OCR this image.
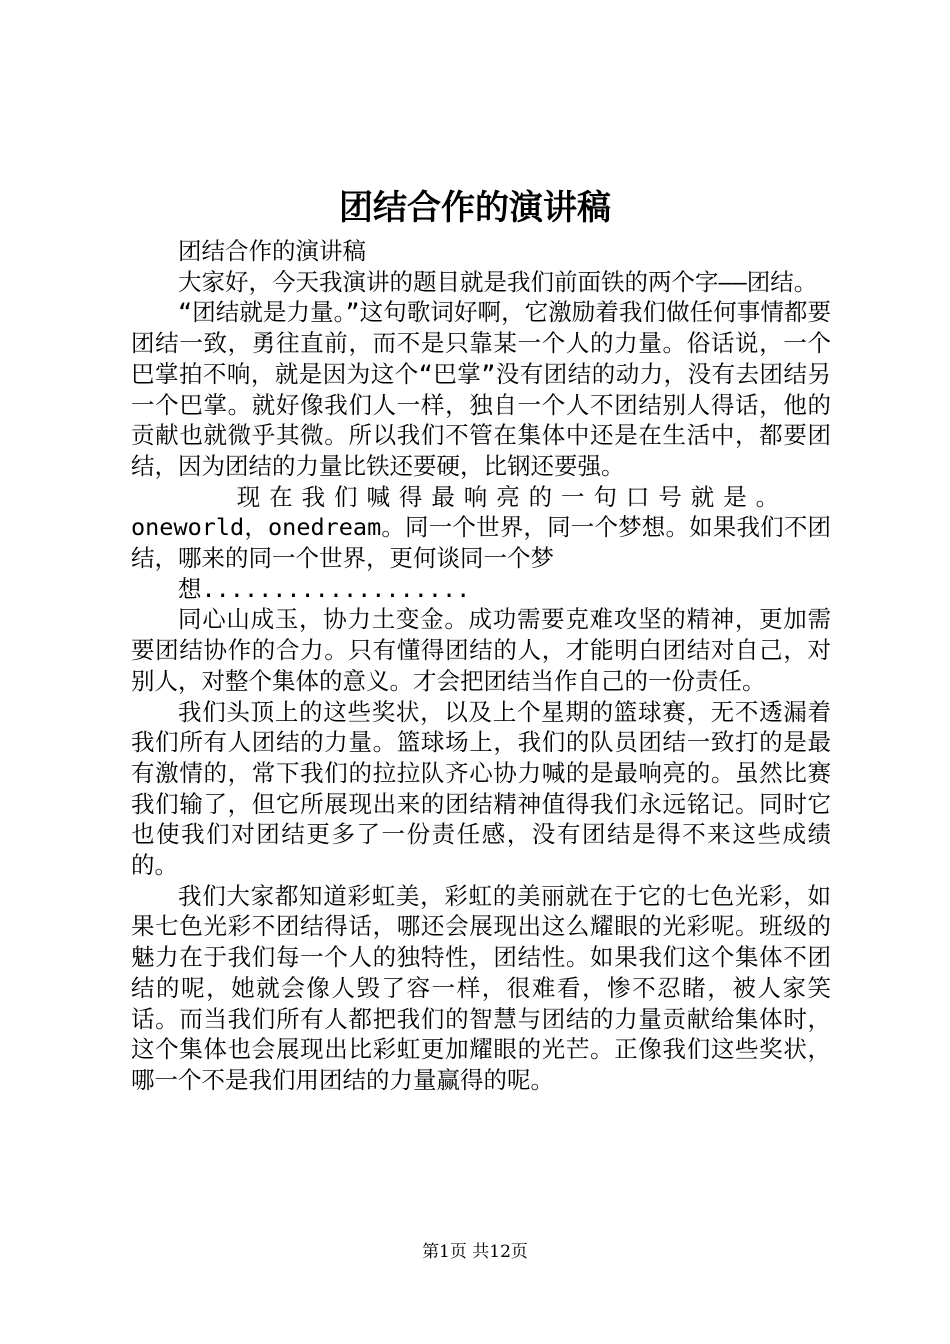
团结合作的演讲稿

团结合作的演讲稿

大家好，今天我演讲的题目就是我们前面铁的两个字——团结。

“团结就是力量。”这句歌词好啊，它激励着我们做任何事情都要团结一致，勇往直前，而不是只靠某一个人的力量。俗话说，一个巴掌拍不响，就是因为这个“巴掌”没有团结的动力，没有去团结另一个巴掌。就好像我们人一样，独自一个人不团结别人得话，他的贡献也就微乎其微。所以我们不管在集体中还是在生活中，都要团结，因为团结的力量比铁还要硬，比钢还要强。

现在我们喊得最响亮的一句口号就是。

oneworld，onedream。同一个世界，同一个梦想。如果我们不团结，哪来的同一个世界，更何谈同一个梦

想...................

同心山成玉，协力土变金。成功需要克难攻坚的精神，更加需要团结协作的合力。只有懂得团结的人，才能明白团结对自己，对别人，对整个集体的意义。才会把团结当作自己的一份责任。

我们头顶上的这些奖状，以及上个星期的篮球赛，无不透漏着我们所有人团结的力量。篮球场上，我们的队员团结一致打的是最有激情的，常下我们的拉拉队齐心协力喊的是最响亮的。虽然比赛我们输了，但它所展现出来的团结精神值得我们永远铭记。同时它也使我们对团结更多了一份责任感，没有团结是得不来这些成绩的。

我们大家都知道彩虹美，彩虹的美丽就在于它的七色光彩，如果七色光彩不团结得话，哪还会展现出这么耀眼的光彩呢。班级的魅力在于我们每一个人的独特性，团结性。如果我们这个集体不团结的呢，她就会像人毁了容一样，很难看，惨不忍睹，被人家笑话。而当我们所有人都把我们的智慧与团结的力量贡献给集体时，这个集体也会展现出比彩虹更加耀眼的光芒。正像我们这些奖状，哪一个不是我们用团结的力量赢得的呢。

第1页 共12页
